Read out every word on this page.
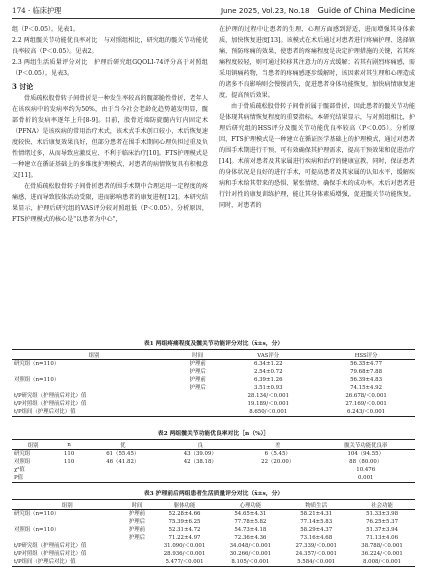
174 · 临床护理	June 2025, Vol.23, No.18 Guide of China Medicine

组（P＜0.05）。见表1。

2.2 两组髋关节功能优良率对比　与对照组相比，研究组的髋关节功能优良率较高（P＜0.05）。见表2。

2.3 两组生活质量评分对比　护理后研究组GQOLI-74评分高于对照组（P＜0.05）。见表3。

3 讨论

骨质疏松股骨转子间骨折是一种发生率较高的髋部脆性骨折，老年人在该疾病中的发病率约为50%，由于当今社会老龄化趋势越发明显，髋部骨折的发病率逐年上升[8-9]。目前，股骨近端防旋髓内钉内固定术（PFNA）是该疾病的常用治疗术式，该术式手术创口较小，术后恢复速度较快、术后康复效果良好，但部分患者在围手术期间心理负担过重及负性情绪过多，从而导致应激反应、不利于临床治疗[10]。FTS护理模式是一种建立在循证基础上的多维度护理模式，对患者的病情恢复具有积极意义[11]。

在骨质疏松股骨转子间骨折患者的围手术期中合理运用一定程度的疼痛感，进而导致肢体活动受限，进而影响患者的康复进程[12]。本研究结果显示，护理后研究组的VAS评分较对照组低（P＜0.05）。分析原因，FTS护理模式的核心是"以患者为中心"，

在护理的过程中让患者的生理、心理方面感到舒适，进而增强其身体素质，加快恢复进度[13]。该模式在术后通过对患者进行疼痛护理、选择镇痛，预防疼痛的效果，使患者的疼痛程度是决定护理措施的关键，若其疼痛程度较轻，则可通过转移其注意力的方式缓解；若其有剧烈疼痛感，需采用镇痛药物，当患者的疼痛感逐步缓解时，该因素对其生理和心理造成的诸多不良影响则会慢慢消失，促进患者身体功能恢复，加快病情康复速度，提高预后效果。

由于骨质疏松股骨转子间骨折属于髋部骨折，因此患者的髋关节功能是体现其病情恢复程度的重要指标。本研究结果显示，与对照组相比，护理后研究组的HSS评分及髋关节功能优良率较高（P＜0.05）。分析原因，FTS护理模式是一种建立在循证医学基础上的护理模式，通过对患者的围手术期进行干预，可有效确保其护理需求，提高干预效果和促进治疗[14]。术前对患者及其家属进行疾病和治疗的健康宣教，同时，保证患者的身体状况是良好的进行手术，可提高患者及其家属的认知水平，缓解疾病和手术给其带来的恐惧、紧张情绪，确保手术的成功率。术后对患者进行针对性的康复训练护理，能让其身体素质增强，促进髋关节功能恢复。同时，对患者的

表1 两组疼痛程度及髋关节功能评分对比（x̄±s，分）
组别	时间	VAS评分	HSS评分
研究组（n=110）	护理前	6.34±1.22	56.35±4.77
	护理后	2.54±0.72	79.68±7.88
对照组（n=110）	护理前	6.39±1.26	56.39±4.83
	护理后	3.51±0.93	74.15±4.92
t/P研究组（护理前后对比）值		28.134/＜0.001	26.678/＜0.001
t/P对照组（护理前后对比）值		19.189/＜0.001	27.169/＜0.001
t/P组间（护理后对比）值		8.650/＜0.001	6.243/＜0.001
表2 两组髋关节功能优良率对比［n（%）］
组别	n	优	良	差	髋关节功能优良率
研究组	110	61（55.45）	43（39.09）	6（5.45）	104（94.55）
对照组	110	46（41.82）	42（38.18）	22（20.00）	88（80.00）
χ²值					10.476
P值					0.001
表3 护理前后两组患者生活质量评分对比（x̄±s，分）
组别	时间	躯体功能	心理功能	物质生活	社会功能
研究组（n=110）	护理前	52.28±4.66	54.65±4.31	58.21±4.31	51.33±3.98
	护理后	75.39±6.25	77.78±5.82	77.14±5.83	76.25±5.37
对照组（n=110）	护理前	52.31±4.72	54.73±4.18	58.29±4.37	51.37±3.94
	护理后	71.22±4.97	72.36±4.36	73.16±4.68	71.13±4.06
t/P研究组（护理前后对比）值		31.090/＜0.001	34.048/＜0.001	27.339/＜0.001	38.788/＜0.001
t/P对照组（护理前后对比）值		28.936/＜0.001	30.266/＜0.001	24.357/＜0.001	36.224/＜0.001
t/P组间（护理后对比）值		5.477/＜0.001	8.105/＜0.001	5.584/＜0.001	8.008/＜0.001
